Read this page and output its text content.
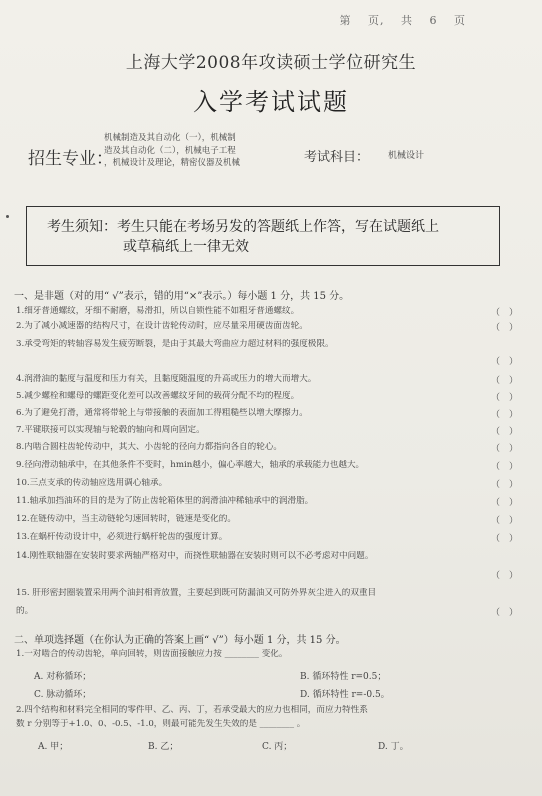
第 页, 共 6 页
上海大学2008年攻读硕士学位研究生
入学考试试题
招生专业：
机械制造及其自动化（一），机械制
造及其自动化（二），机械电子工程
，机械设计及理论，精密仪器及机械	考试科目： 机械设计
考生须知：考生只能在考场另发的答题纸上作答，写在试题纸上
或草稿纸上一律无效
一、是非题（对的用“ √”表示，错的用“×”表示。）每小题 1 分，共 15 分。
1.细牙普通螺纹，牙细不耐磨，易滑扣，所以自锁性能不如粗牙普通螺纹。	（　）
2.为了减小减速器的结构尺寸，在设计齿轮传动时，应尽量采用硬齿面齿轮。	（　）
3.承受弯矩的转轴容易发生疲劳断裂，是由于其最大弯曲应力超过材料的强度极限。
（　）
4.润滑油的黏度与温度和压力有关，且黏度随温度的升高或压力的增大而增大。	（　）
5.减少螺栓和螺母的螺距变化差可以改善螺纹牙间的载荷分配不均的程度。	（　）
6.为了避免打滑，通常将带轮上与带接触的表面加工得粗糙些以增大摩擦力。	（　）
7.平键联接可以实现轴与轮毂的轴向和周向固定。	（　）
8.内啮合圆柱齿轮传动中，其大、小齿轮的径向力都指向各自的轮心。	（　）
9.径向滑动轴承中，在其他条件不变时，hmin越小，偏心率越大，轴承的承载能力也越大。	（　）
10.三点支承的传动轴应选用调心轴承。	（　）
11.轴承加挡油环的目的是为了防止齿轮箱体里的润滑油冲稀轴承中的润滑脂。	（　）
12.在链传动中，当主动链轮匀速回转时，链速是变化的。	（　）
13.在蜗杆传动设计中，必须进行蜗杆轮齿的强度计算。	（　）
14.刚性联轴器在安装时要求两轴严格对中，而挠性联轴器在安装时则可以不必考虑对中问题。
（　）
15. 肝形密封圈装置采用两个油封相背放置，主要起到既可防漏油又可防外界灰尘进入的双重目
的。	（　）
二、单项选择题（在你认为正确的答案上画“ √”）每小题 1 分，共 15 分。
1.一对啮合的传动齿轮，单向回转，则齿面接触应力按 ________ 变化。
A. 对称循环；	B. 循环特性 r=0.5；
C. 脉动循环；	D. 循环特性 r=-0.5。
2.四个结构和材料完全相同的零件甲、乙、丙、丁，若承受最大的应力也相同，而应力特性系
数 r 分别等于+1.0、0、-0.5、-1.0，则最可能先发生失效的是 ________ 。
A. 甲；	B. 乙；	C. 丙；	D. 丁。
